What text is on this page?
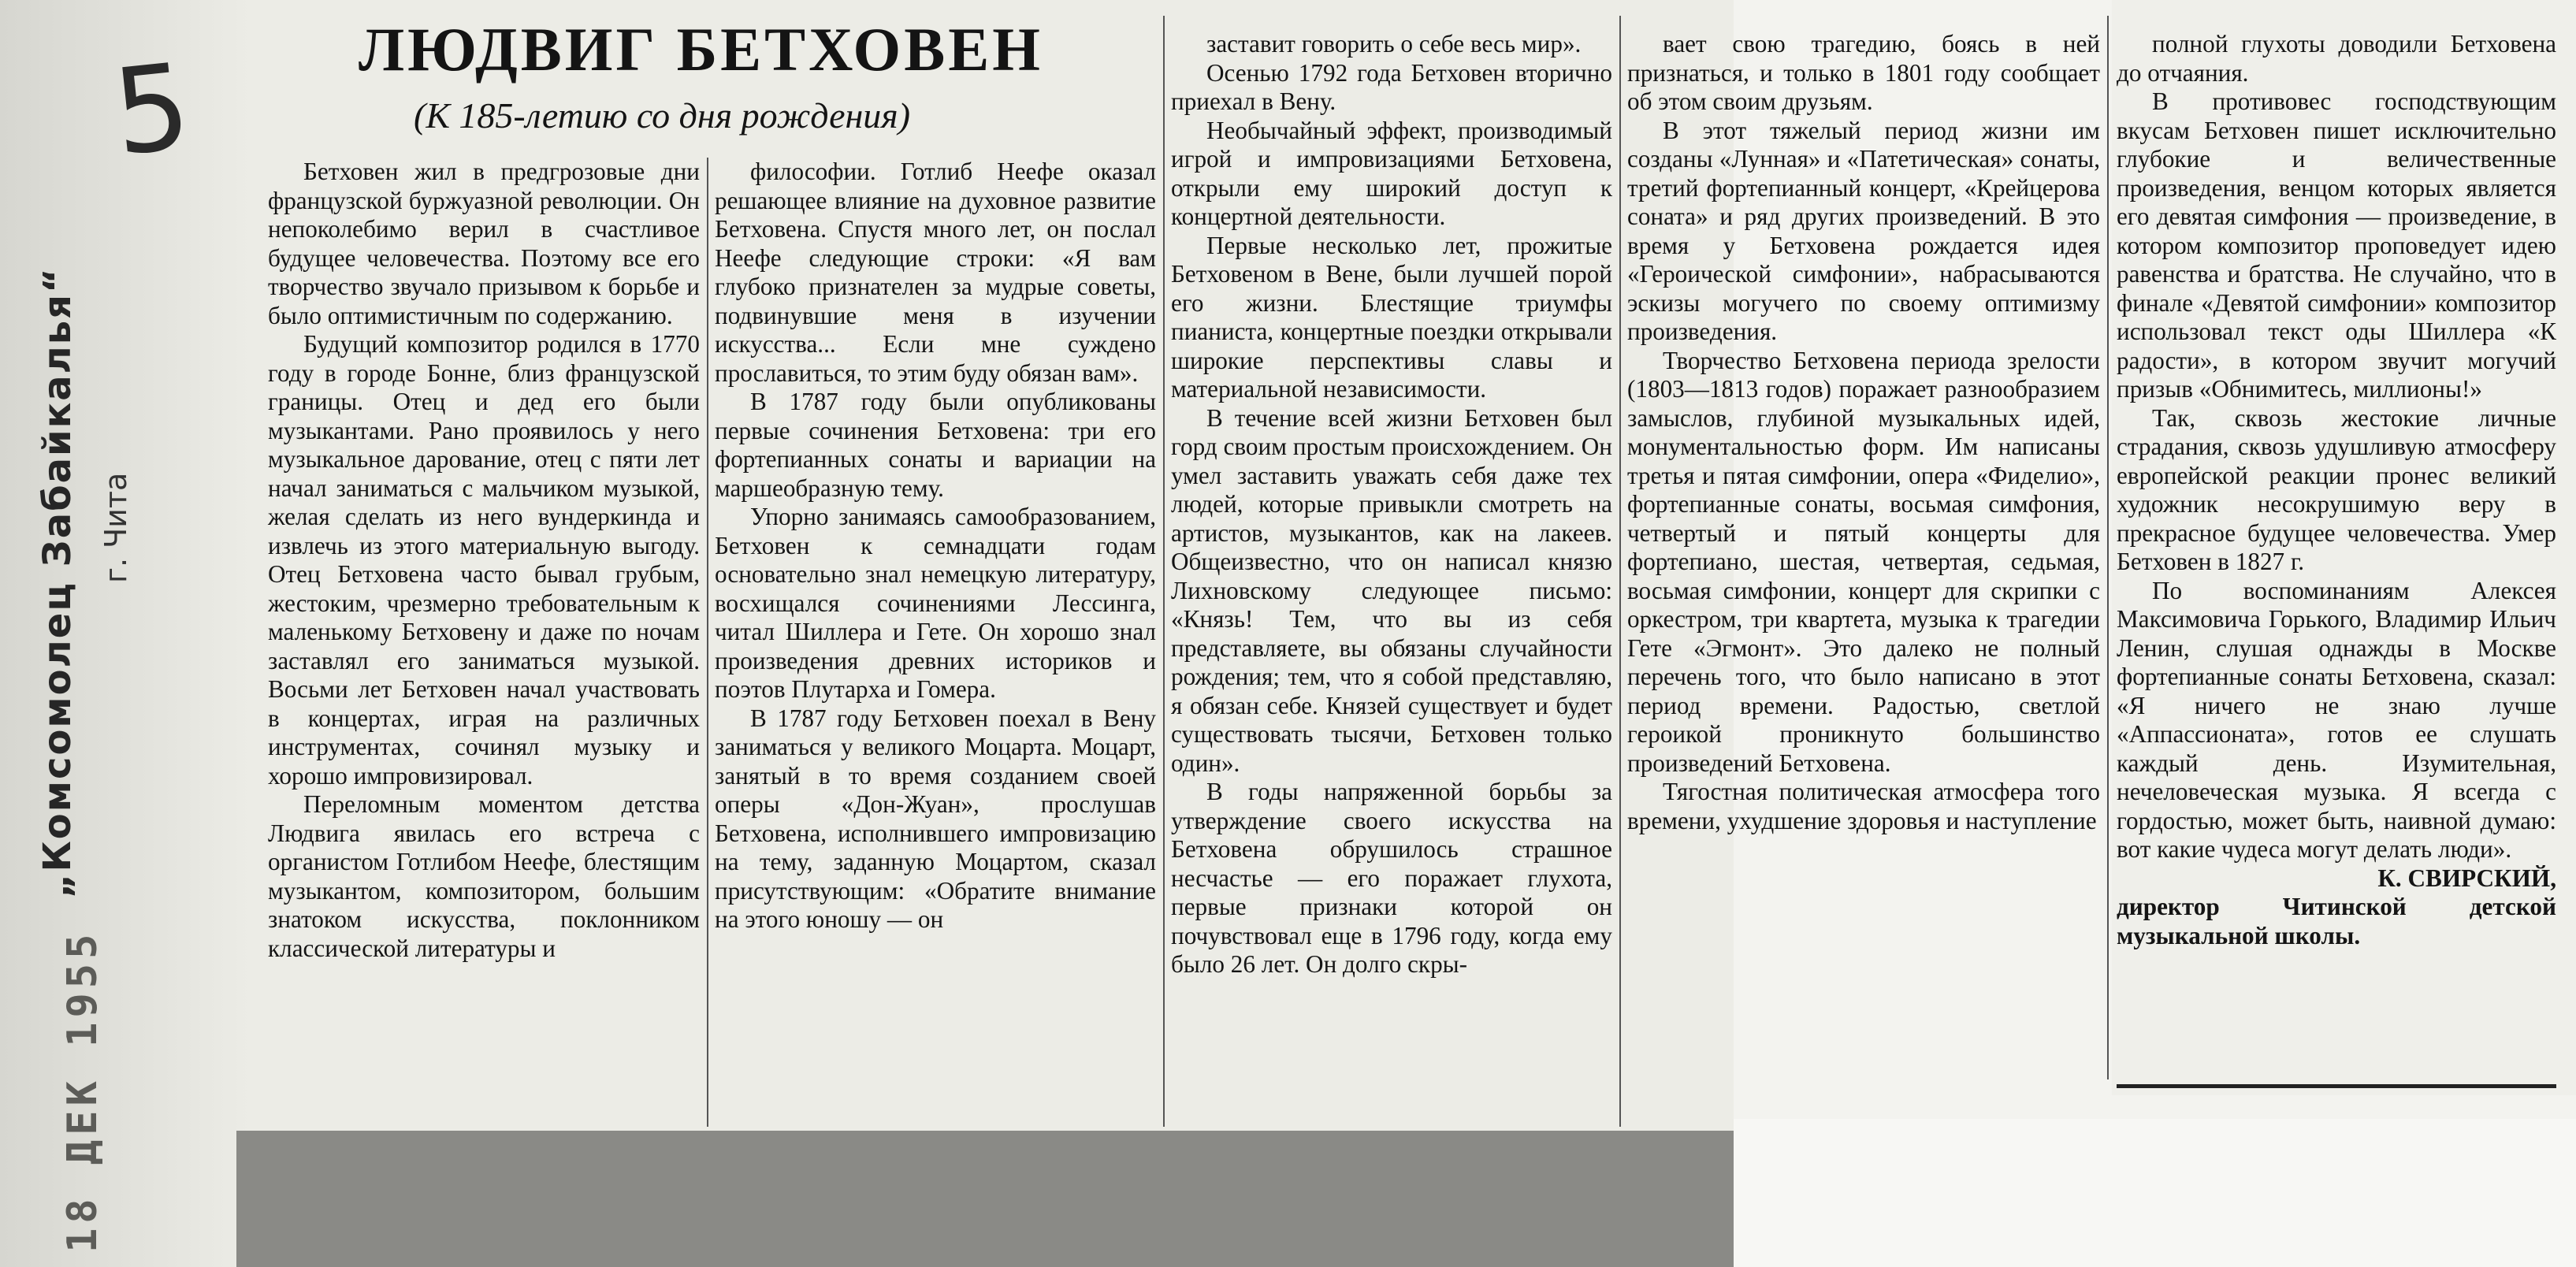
5
„Комсомолец Забайкалья“ г. Чита
18 ДЕК 1955
ЛЮДВИГ БЕТХОВЕН
(К 185-летию со дня рождения)

Бетховен жил в предгрозовые дни французской буржуазной революции. Он непоколебимо верил в счастливое будущее человечества. Поэтому все его творчество звучало призывом к борьбе и было оптимистичным по содержанию.

Будущий композитор родился в 1770 году в городе Бонне, близ французской границы. Отец и дед его были музыкантами. Рано проявилось у него музыкальное дарование, отец с пяти лет начал заниматься с мальчиком музыкой, желая сделать из него вундеркинда и извлечь из этого материальную выгоду. Отец Бетховена часто бывал грубым, жестоким, чрезмерно требовательным к маленькому Бетховену и даже по ночам заставлял его заниматься музыкой. Восьми лет Бетховен начал участвовать в концертах, играя на различных инструментах, сочинял музыку и хорошо импровизировал.

Переломным моментом детства Людвига явилась его встреча с органистом Готлибом Неефе, блестящим музыкантом, композитором, большим знатоком искусства, поклонником классической литературы и

философии. Готлиб Неефе оказал решающее влияние на духовное развитие Бетховена. Спустя много лет, он послал Неефе следующие строки: «Я вам глубоко признателен за мудрые советы, подвинувшие меня в изучении искусства... Если мне суждено прославиться, то этим буду обязан вам».

В 1787 году были опубликованы первые сочинения Бетховена: три его фортепианных сонаты и вариации на маршеобразную тему.

Упорно занимаясь самообразованием, Бетховен к семнадцати годам основательно знал немецкую литературу, восхищался сочинениями Лессинга, читал Шиллера и Гете. Он хорошо знал произведения древних историков и поэтов Плутарха и Гомера.

В 1787 году Бетховен поехал в Вену заниматься у великого Моцарта. Моцарт, занятый в то время созданием своей оперы «Дон-Жуан», прослушав Бетховена, исполнившего импровизацию на тему, заданную Моцартом, сказал присутствующим: «Обратите внимание на этого юношу — он

заставит говорить о себе весь мир».

Осенью 1792 года Бетховен вторично приехал в Вену.

Необычайный эффект, производимый игрой и импровизациями Бетховена, открыли ему широкий доступ к концертной деятельности.

Первые несколько лет, прожитые Бетховеном в Вене, были лучшей порой его жизни. Блестящие триумфы пианиста, концертные поездки открывали широкие перспективы славы и материальной независимости.

В течение всей жизни Бетховен был горд своим простым происхождением. Он умел заставить уважать себя даже тех людей, которые привыкли смотреть на артистов, музыкантов, как на лакеев. Общеизвестно, что он написал князю Лихновскому следующее письмо: «Князь! Тем, что вы из себя представляете, вы обязаны случайности рождения; тем, что я собой представляю, я обязан себе. Князей существует и будет существовать тысячи, Бетховен только один».

В годы напряженной борьбы за утверждение своего искусства на Бетховена обрушилось страшное несчастье — его поражает глухота, первые признаки которой он почувствовал еще в 1796 году, когда ему было 26 лет. Он долго скры-

вает свою трагедию, боясь в ней признаться, и только в 1801 году сообщает об этом своим друзьям.

В этот тяжелый период жизни им созданы «Лунная» и «Патетическая» сонаты, третий фортепианный концерт, «Крейцерова соната» и ряд других произведений. В это время у Бетховена рождается идея «Героической симфонии», набрасываются эскизы могучего по своему оптимизму произведения.

Творчество Бетховена периода зрелости (1803—1813 годов) поражает разнообразием замыслов, глубиной музыкальных идей, монументальностью форм. Им написаны третья и пятая симфонии, опера «Фиделио», фортепианные сонаты, восьмая симфония, четвертый и пятый концерты для фортепиано, шестая, четвертая, седьмая, восьмая симфонии, концерт для скрипки с оркестром, три квартета, музыка к трагедии Гете «Эгмонт». Это далеко не полный перечень того, что было написано в этот период времени. Радостью, светлой героикой проникнуто большинство произведений Бетховена.

Тягостная политическая атмосфера того времени, ухудшение здоровья и наступление

полной глухоты доводили Бетховена до отчаяния.

В противовес господствующим вкусам Бетховен пишет исключительно глубокие и величественные произведения, венцом которых является его девятая симфония — произведение, в котором композитор проповедует идею равенства и братства. Не случайно, что в финале «Девятой симфонии» композитор использовал текст оды Шиллера «К радости», в котором звучит могучий призыв «Обнимитесь, миллионы!»

Так, сквозь жестокие личные страдания, сквозь удушливую атмосферу европейской реакции пронес великий художник несокрушимую веру в прекрасное будущее человечества. Умер Бетховен в 1827 г.

По воспоминаниям Алексея Максимовича Горького, Владимир Ильич Ленин, слушая однажды в Москве фортепианные сонаты Бетховена, сказал: «Я ничего не знаю лучше «Аппассионата», готов ее слушать каждый день. Изумительная, нечеловеческая музыка. Я всегда с гордостью, может быть, наивной думаю: вот какие чудеса могут делать люди».

К. СВИРСКИЙ,
директор Читинской детской музыкальной школы.
